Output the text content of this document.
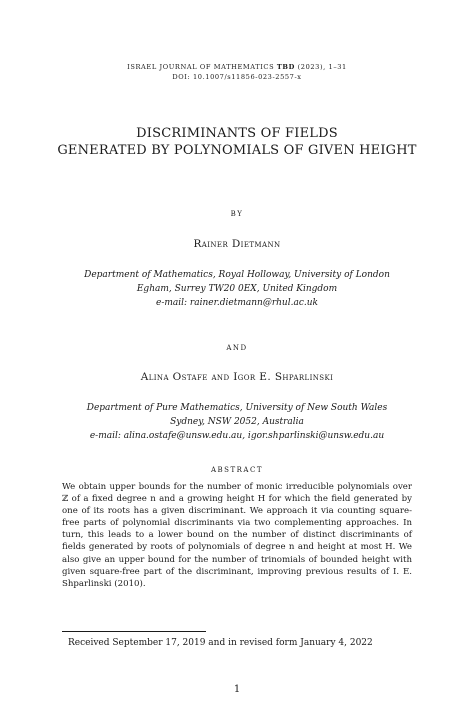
ISRAEL JOURNAL OF MATHEMATICS TBD (2023), 1–31
DOI: 10.1007/s11856-023-2557-x
DISCRIMINANTS OF FIELDS
GENERATED BY POLYNOMIALS OF GIVEN HEIGHT
BY
Rainer Dietmann
Department of Mathematics, Royal Holloway, University of London
Egham, Surrey TW20 0EX, United Kingdom
e-mail: rainer.dietmann@rhul.ac.uk
AND
Alina Ostafe and Igor E. Shparlinski
Department of Pure Mathematics, University of New South Wales
Sydney, NSW 2052, Australia
e-mail: alina.ostafe@unsw.edu.au, igor.shparlinski@unsw.edu.au
ABSTRACT
We obtain upper bounds for the number of monic irreducible polynomials over ℤ of a fixed degree n and a growing height H for which the field generated by one of its roots has a given discriminant. We approach it via counting square-free parts of polynomial discriminants via two complementing approaches. In turn, this leads to a lower bound on the number of distinct discriminants of fields generated by roots of polynomials of degree n and height at most H. We also give an upper bound for the number of trinomials of bounded height with given square-free part of the discriminant, improving previous results of I. E. Shparlinski (2010).
Received September 17, 2019 and in revised form January 4, 2022
1
